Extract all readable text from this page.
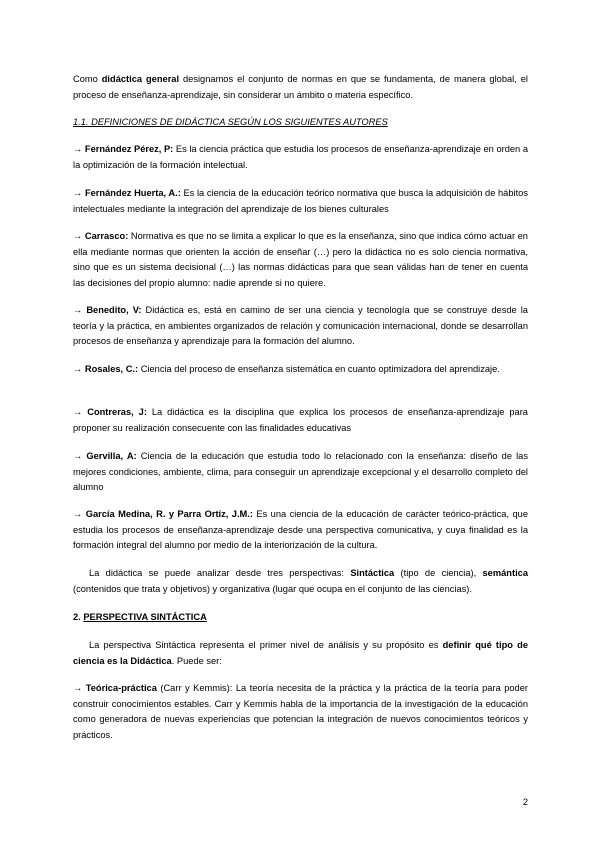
Como didáctica general designamos el conjunto de normas en que se fundamenta, de manera global, el proceso de enseñanza-aprendizaje, sin considerar un ámbito o materia específico.

1.1. DEFINICIONES DE DIDÁCTICA SEGÚN LOS SIGUIENTES AUTORES

→ Fernández Pérez, P: Es la ciencia práctica que estudia los procesos de enseñanza-aprendizaje en orden a la optimización de la formación intelectual.

→ Fernández Huerta, A.: Es la ciencia de la educación teórico normativa que busca la adquisición de hábitos intelectuales mediante la integración del aprendizaje de los bienes culturales

→ Carrasco: Normativa es que no se limita a explicar lo que es la enseñanza, sino que indica cómo actuar en ella mediante normas que orienten la acción de enseñar (…) pero la didáctica no es solo ciencia normativa, sino que es un sistema decisional (…) las normas didácticas para que sean válidas han de tener en cuenta las decisiones del propio alumno: nadie aprende si no quiere.

→ Benedito, V: Didáctica es, está en camino de ser una ciencia y tecnología que se construye desde la teoría y la práctica, en ambientes organizados de relación y comunicación internacional, donde se desarrollan procesos de enseñanza y aprendizaje para la formación del alumno.

→ Rosales, C.: Ciencia del proceso de enseñanza sistemática en cuanto optimizadora del aprendizaje.

→ Contreras, J: La didáctica es la disciplina que explica los procesos de enseñanza-aprendizaje para proponer su realización consecuente con las finalidades educativas

→ Gervilla, A: Ciencia de la educación que estudia todo lo relacionado con la enseñanza: diseño de las mejores condiciones, ambiente, clima, para conseguir un aprendizaje excepcional y el desarrollo completo del alumno

→ García Medina, R. y Parra Ortíz, J.M.: Es una ciencia de la educación de carácter teórico-práctica, que estudia los procesos de enseñanza-aprendizaje desde una perspectiva comunicativa, y cuya finalidad es la formación integral del alumno por medio de la interiorización de la cultura.

La didáctica se puede analizar desde tres perspectivas: Sintáctica (tipo de ciencia), semántica (contenidos que trata y objetivos) y organizativa (lugar que ocupa en el conjunto de las ciencias).

2. PERSPECTIVA SINTÁCTICA

La perspectiva Sintáctica representa el primer nivel de análisis y su propósito es definir qué tipo de ciencia es la Didáctica. Puede ser:

→ Teórica-práctica (Carr y Kemmis): La teoría necesita de la práctica y la práctica de la teoría para poder construir conocimientos estables. Carr y Kemmis habla de la importancia de la investigación de la educación como generadora de nuevas experiencias que potencian la integración de nuevos conocimientos teóricos y prácticos.

2
